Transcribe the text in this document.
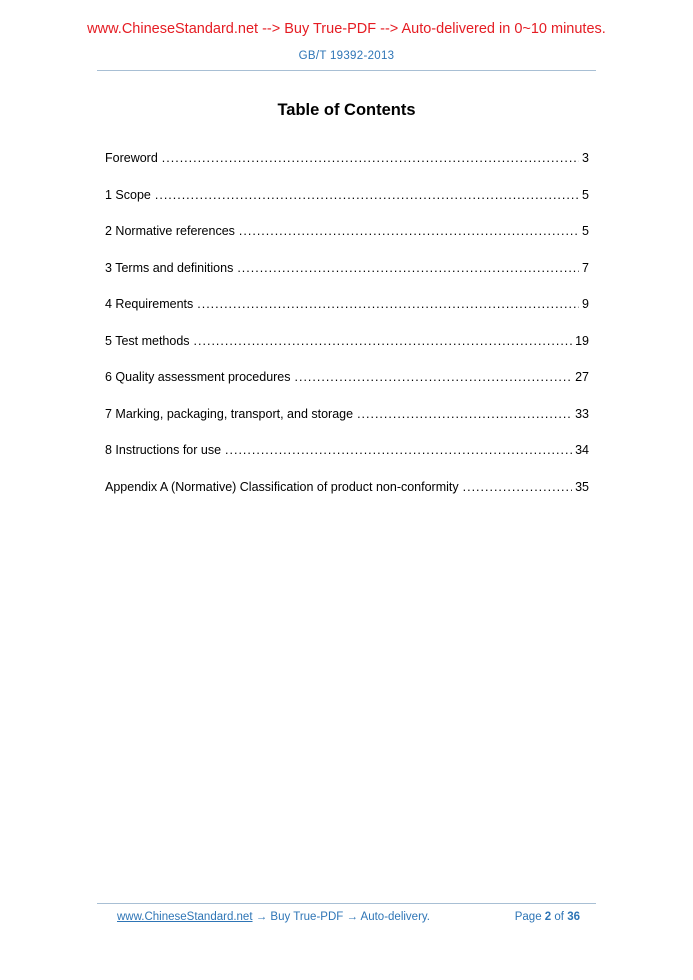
www.ChineseStandard.net --> Buy True-PDF --> Auto-delivered in 0~10 minutes.
GB/T 19392-2013
Table of Contents
Foreword .....	3
1 Scope .....	5
2 Normative references .....	5
3 Terms and definitions .....	7
4 Requirements .....	9
5 Test methods .....	19
6 Quality assessment procedures .....	27
7 Marking, packaging, transport, and storage .....	33
8 Instructions for use .....	34
Appendix A (Normative) Classification of product non-conformity .....	35
www.ChineseStandard.net → Buy True-PDF → Auto-delivery.	Page 2 of 36
